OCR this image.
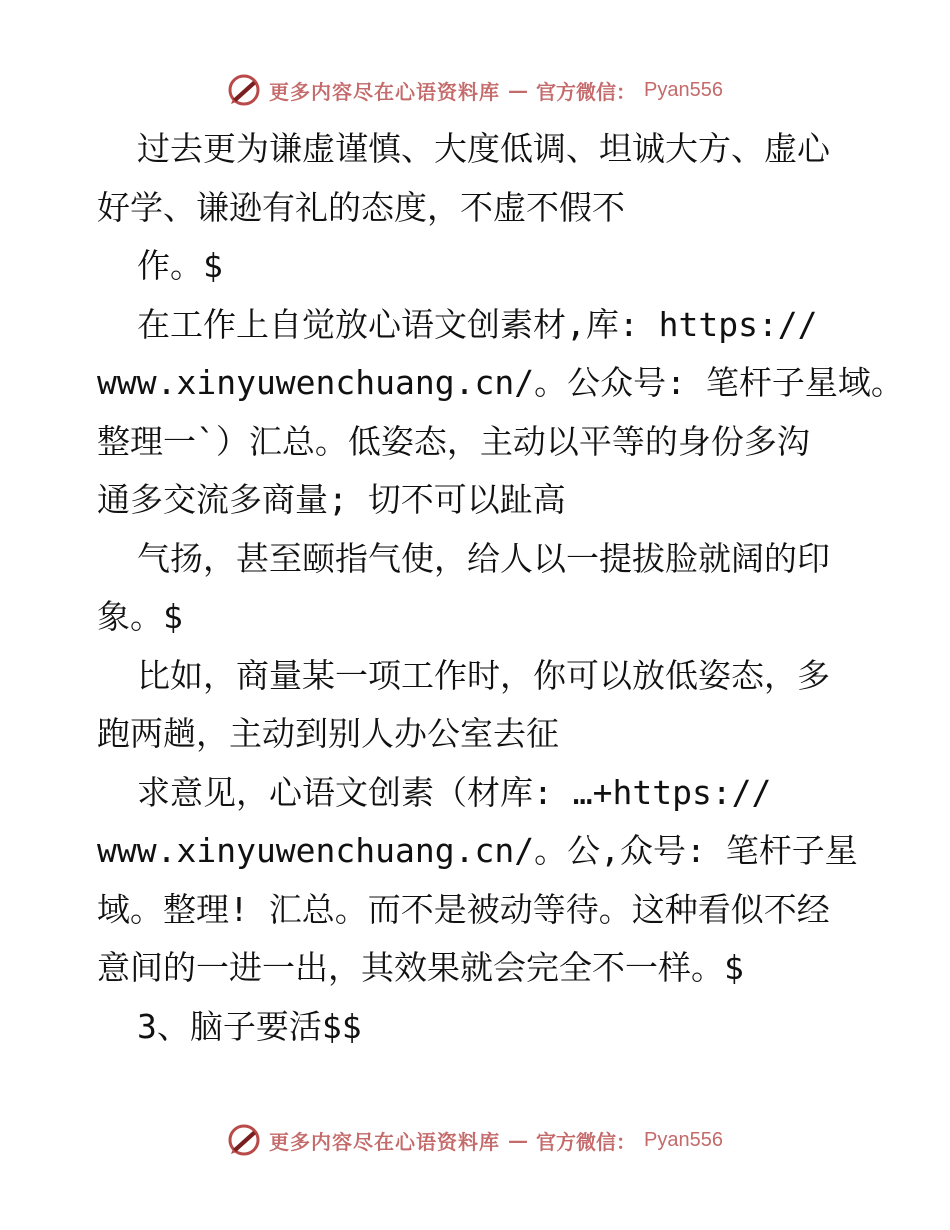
更多内容尽在心语资料库 — 官方微信： Pyan556
过去更为谦虚谨慎、大度低调、坦诚大方、虚心
好学、谦逊有礼的态度，不虚不假不
作。$
在工作上自觉放心语文创素材,库: https://
www.xinyuwenchuang.cn/。公众号: 笔杆子星域。
整理一`）汇总。低姿态，主动以平等的身份多沟
通多交流多商量; 切不可以趾高
气扬，甚至颐指气使，给人以一提拔脸就阔的印
象。$
比如，商量某一项工作时，你可以放低姿态，多
跑两趟，主动到别人办公室去征
求意见，心语文创素（材库: …+https://
www.xinyuwenchuang.cn/。公,众号: 笔杆子星
域。整理! 汇总。而不是被动等待。这种看似不经
意间的一进一出，其效果就会完全不一样。$
3、脑子要活$$
更多内容尽在心语资料库 — 官方微信： Pyan556
